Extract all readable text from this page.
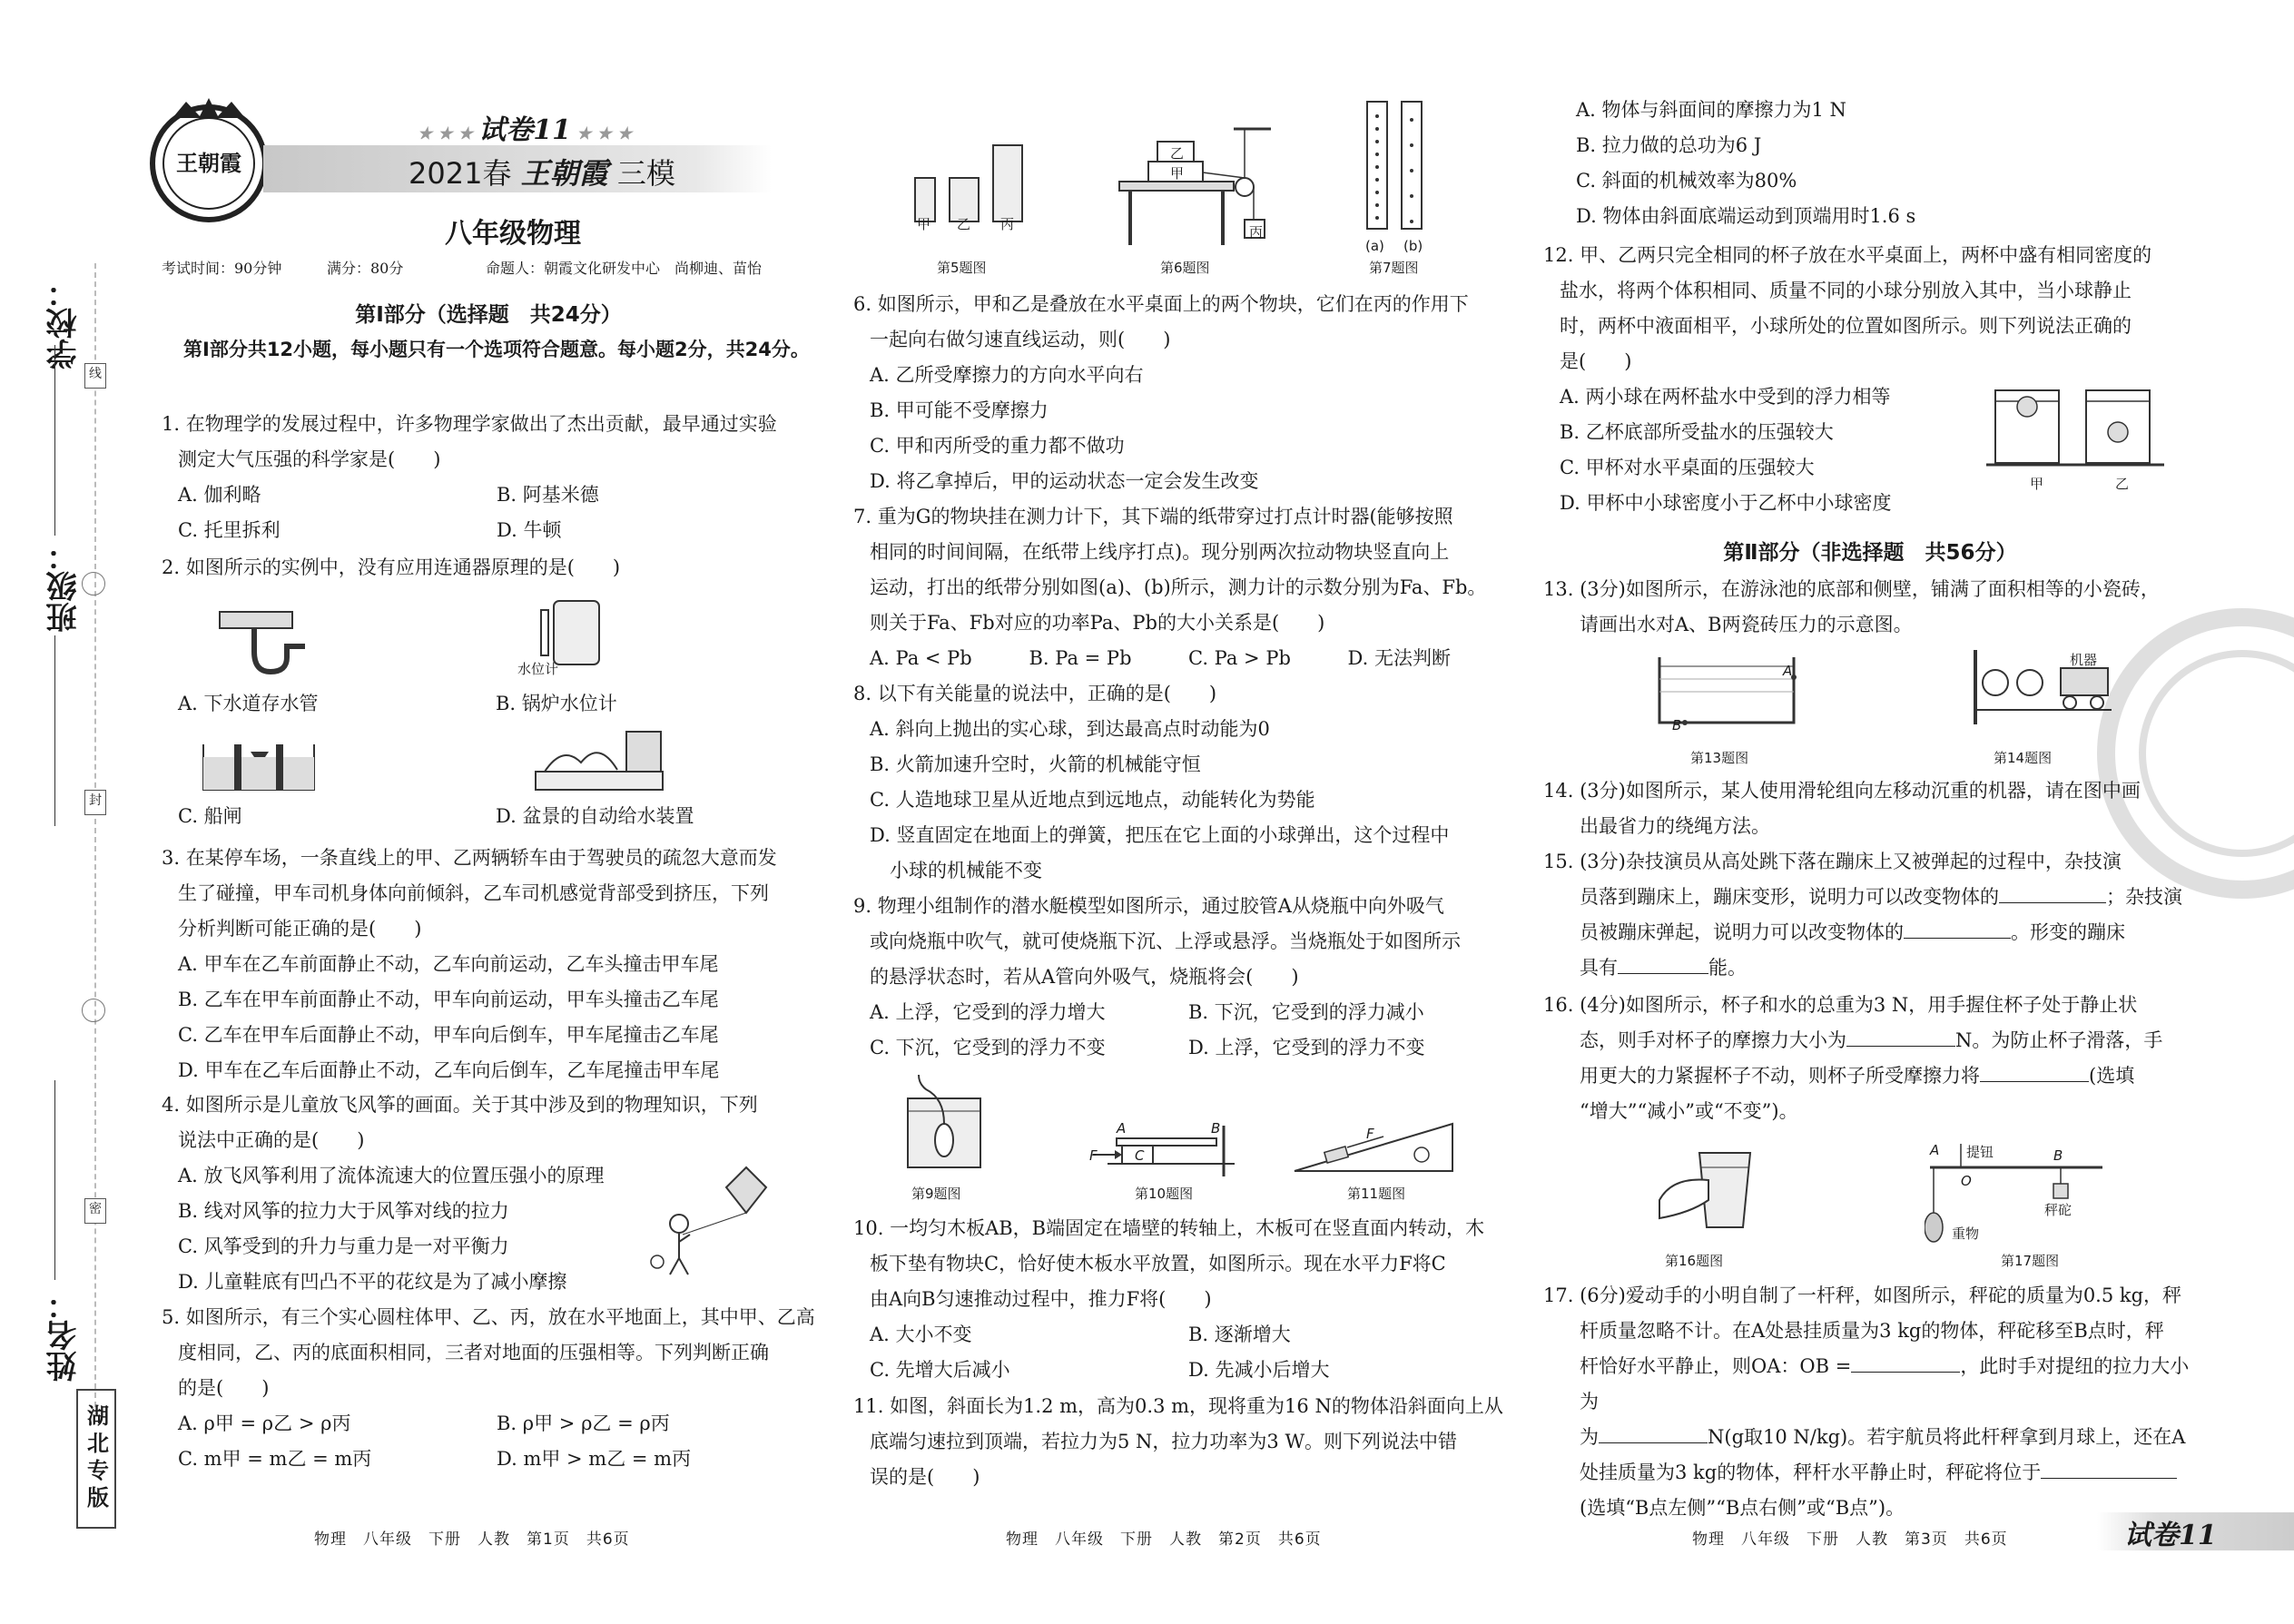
学校：
班级：
姓名：
线
封
密
湖北专版
王朝霞
★ ★ ★ 试卷11 ★ ★ ★
2021春 王朝霞 三模
八年级物理
考试时间：90分钟	满分：80分	命题人：朝霞文化研发中心　尚柳迪、苗怡
第Ⅰ部分（选择题　共24分）
第Ⅰ部分共12小题，每小题只有一个选项符合题意。每小题2分，共24分。

1. 在物理学的发展过程中，许多物理学家做出了杰出贡献，最早通过实验

测定大气压强的科学家是(　　)

A. 伽利略	B. 阿基米德
C. 托里拆利	D. 牛顿

2. 如图所示的实例中，没有应用连通器原理的是(　　)

水位计
A. 下水道存水管	B. 锅炉水位计
C. 船闸	D. 盆景的自动给水装置

3. 在某停车场，一条直线上的甲、乙两辆轿车由于驾驶员的疏忽大意而发

生了碰撞，甲车司机身体向前倾斜，乙车司机感觉背部受到挤压，下列

分析判断可能正确的是(　　)

A. 甲车在乙车前面静止不动，乙车向前运动，乙车头撞击甲车尾

B. 乙车在甲车前面静止不动，甲车向前运动，甲车头撞击乙车尾

C. 乙车在甲车后面静止不动，甲车向后倒车，甲车尾撞击乙车尾

D. 甲车在乙车后面静止不动，乙车向后倒车，乙车尾撞击甲车尾

4. 如图所示是儿童放飞风筝的画面。关于其中涉及到的物理知识，下列

说法中正确的是(　　)

A. 放飞风筝利用了流体流速大的位置压强小的原理

B. 线对风筝的拉力大于风筝对线的拉力

C. 风筝受到的升力与重力是一对平衡力

D. 儿童鞋底有凹凸不平的花纹是为了减小摩擦

5. 如图所示，有三个实心圆柱体甲、乙、丙，放在水平地面上，其中甲、乙高

度相同，乙、丙的底面积相同，三者对地面的压强相等。下列判断正确

的是(　　)

A. ρ甲 = ρ乙 > ρ丙	B. ρ甲 > ρ乙 = ρ丙
C. m甲 = m乙 = m丙	D. m甲 > m乙 = m丙
物理　八年级　下册　人教　第1页　共6页
甲 乙 丙
第5题图
乙
甲
丙
第6题图
(a) (b)
第7题图

6. 如图所示，甲和乙是叠放在水平桌面上的两个物块，它们在丙的作用下

一起向右做匀速直线运动，则(　　)

A. 乙所受摩擦力的方向水平向右

B. 甲可能不受摩擦力

C. 甲和丙所受的重力都不做功

D. 将乙拿掉后，甲的运动状态一定会发生改变

7. 重为G的物块挂在测力计下，其下端的纸带穿过打点计时器(能够按照

相同的时间间隔，在纸带上线序打点)。现分别两次拉动物块竖直向上

运动，打出的纸带分别如图(a)、(b)所示，测力计的示数分别为Fa、Fb。

则关于Fa、Fb对应的功率Pa、Pb的大小关系是(　　)

A. Pa < Pb	B. Pa = Pb	C. Pa > Pb	D. 无法判断

8. 以下有关能量的说法中，正确的是(　　)

A. 斜向上抛出的实心球，到达最高点时动能为0

B. 火箭加速升空时，火箭的机械能守恒

C. 人造地球卫星从近地点到远地点，动能转化为势能

D. 竖直固定在地面上的弹簧，把压在它上面的小球弹出，这个过程中

小球的机械能不变

9. 物理小组制作的潜水艇模型如图所示，通过胶管A从烧瓶中向外吸气

或向烧瓶中吹气，就可使烧瓶下沉、上浮或悬浮。当烧瓶处于如图所示

的悬浮状态时，若从A管向外吸气，烧瓶将会(　　)

A. 上浮，它受到的浮力增大	B. 下沉，它受到的浮力减小
C. 下沉，它受到的浮力不变	D. 上浮，它受到的浮力不变
第9题图
A	B
C
F
第10题图
F
第11题图

10. 一均匀木板AB，B端固定在墙壁的转轴上，木板可在竖直面内转动，木

板下垫有物块C，恰好使木板水平放置，如图所示。现在水平力F将C

由A向B匀速推动过程中，推力F将(　　)

A. 大小不变	B. 逐渐增大
C. 先增大后减小	D. 先减小后增大

11. 如图，斜面长为1.2 m，高为0.3 m，现将重为16 N的物体沿斜面向上从

底端匀速拉到顶端，若拉力为5 N，拉力功率为3 W。则下列说法中错

误的是(　　)

物理　八年级　下册　人教　第2页　共6页

A. 物体与斜面间的摩擦力为1 N

B. 拉力做的总功为6 J

C. 斜面的机械效率为80%

D. 物体由斜面底端运动到顶端用时1.6 s

12. 甲、乙两只完全相同的杯子放在水平桌面上，两杯中盛有相同密度的

盐水，将两个体积相同、质量不同的小球分别放入其中，当小球静止

时，两杯中液面相平，小球所处的位置如图所示。则下列说法正确的

是(　　)

A. 两小球在两杯盐水中受到的浮力相等

B. 乙杯底部所受盐水的压强较大

C. 甲杯对水平桌面的压强较大

D. 甲杯中小球密度小于乙杯中小球密度

甲	乙
第Ⅱ部分（非选择题　共56分）

13. (3分)如图所示，在游泳池的底部和侧壁，铺满了面积相等的小瓷砖，

请画出水对A、B两瓷砖压力的示意图。

B
A
第13题图
机器
第14题图

14. (3分)如图所示，某人使用滑轮组向左移动沉重的机器，请在图中画

出最省力的绕绳方法。

15. (3分)杂技演员从高处跳下落在蹦床上又被弹起的过程中，杂技演

员落到蹦床上，蹦床变形，说明力可以改变物体的	；杂技演

员被蹦床弹起，说明力可以改变物体的	。形变的蹦床

具有	能。

16. (4分)如图所示，杯子和水的总重为3 N，用手握住杯子处于静止状

态，则手对杯子的摩擦力大小为	N。为防止杯子滑落，手

用更大的力紧握杯子不动，则杯子所受摩擦力将	(选填

“增大”“减小”或“不变”)。

第16题图
A 提钮
O
B
重物
秤砣
第17题图

17. (6分)爱动手的小明自制了一杆秤，如图所示，秤砣的质量为0.5 kg，秤

杆质量忽略不计。在A处悬挂质量为3 kg的物体，秤砣移至B点时，秤

杆恰好水平静止，则OA：OB =	，此时手对提纽的拉力大小为

为	N(g取10 N/kg)。若宇航员将此杆秤拿到月球上，还在A

处挂质量为3 kg的物体，秤杆水平静止时，秤砣将位于

(选填“B点左侧”“B点右侧”或“B点”)。

物理　八年级　下册　人教　第3页　共6页	试卷11
